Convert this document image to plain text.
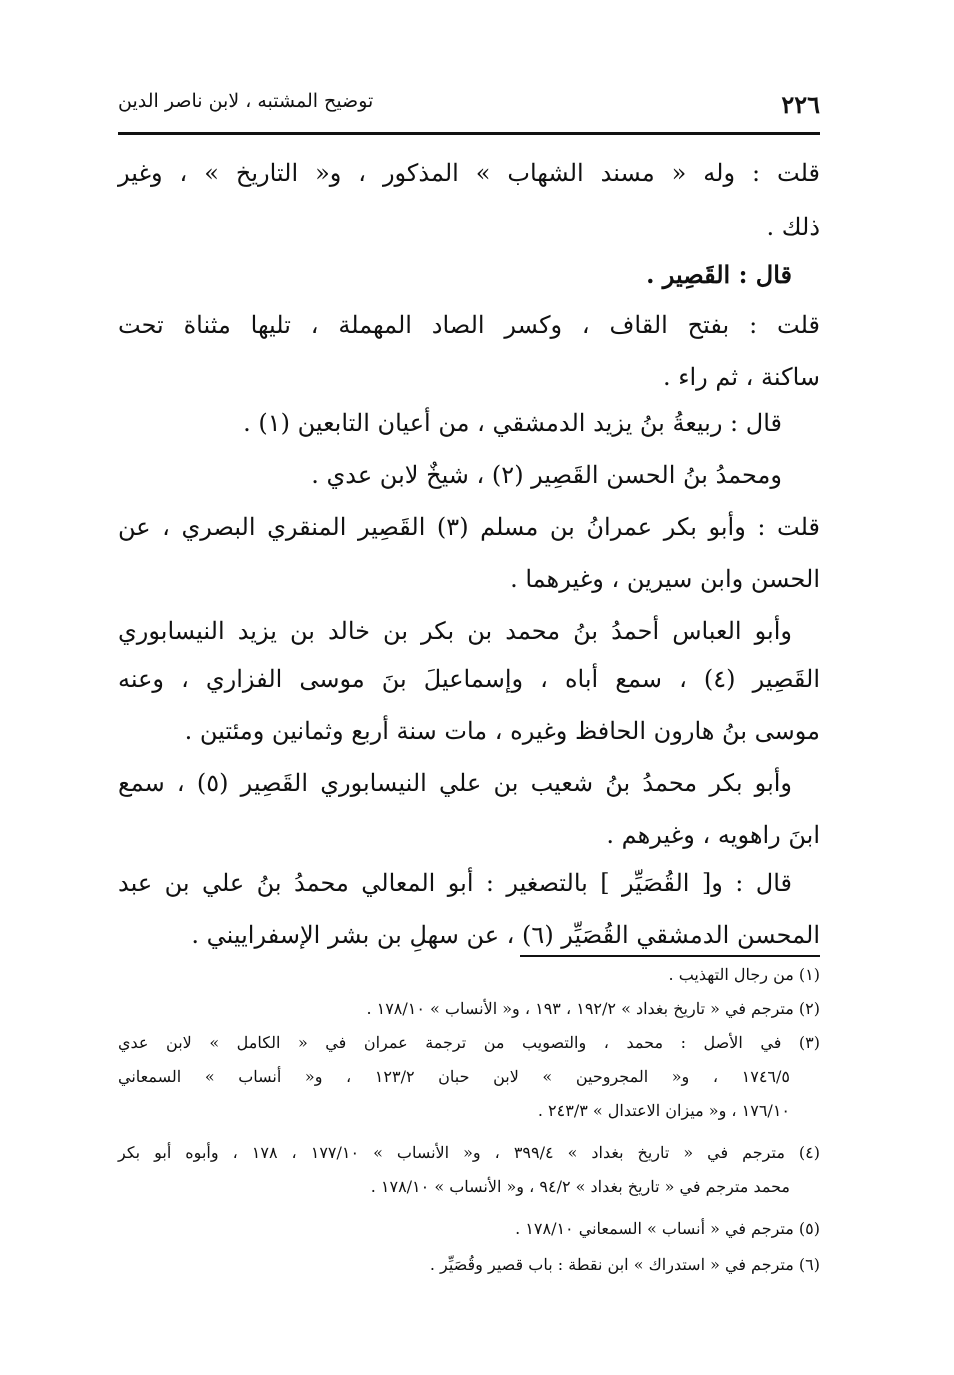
٢٢٦
توضيح المشتبه ، لابن ناصر الدين
قلت : وله « مسند الشهاب » المذكور ، و« التاريخ » ، وغير
ذلك .
قال : القَصِير .
قلت : بفتح القاف ، وكسر الصاد المهملة ، تليها مثناة تحت
ساكنة ، ثم راء .
قال : ربيعةُ بنُ يزيد الدمشقي ، من أعيان التابعين (١) .
ومحمدُ بنُ الحسن القَصِير (٢) ، شيخٌ لابن عدي .
قلت : وأبو بكر عمرانُ بن مسلم (٣) القَصِير المنقري البصري ، عن
الحسن وابن سيرين ، وغيرهما .
وأبو العباس أحمدُ بنُ محمد بن بكر بن خالد بن يزيد النيسابوري
القَصِير (٤) ، سمع أباه ، وإسماعيلَ بنَ موسى الفزاري ، وعنه
موسى بنُ هارون الحافظ وغيره ، مات سنة أربع وثمانين ومئتين .
وأبو بكر محمدُ بنُ شعيب بن علي النيسابوري القَصِير (٥) ، سمع
ابنَ راهويه ، وغيرهم .
قال : و[ القُصَيِّر ] بالتصغير : أبو المعالي محمدُ بنُ علي بن عبد
المحسن الدمشقي القُصَيِّر (٦) ، عن سهلِ بن بشر الإسفراييني .
(١) من رجال التهذيب .
(٢) مترجم في « تاريخ بغداد » ١٩٢/٢ ، ١٩٣ ، و« الأنساب » ١٧٨/١٠ .
(٣) في الأصل : محمد ، والتصويب من ترجمة عمران في « الكامل » لابن عدي
١٧٤٦/٥ ، و« المجروحين » لابن حبان ١٢٣/٢ ، و« أنساب » السمعاني
١٧٦/١٠ ، و« ميزان الاعتدال » ٢٤٣/٣ .
(٤) مترجم في « تاريخ بغداد » ٣٩٩/٤ ، و« الأنساب » ١٧٧/١٠ ، ١٧٨ ، وأبوه أبو بكر
محمد مترجم في « تاريخ بغداد » ٩٤/٢ ، و« الأنساب » ١٧٨/١٠ .
(٥) مترجم في « أنساب » السمعاني ١٧٨/١٠ .
(٦) مترجم في « استدراك » ابن نقطة : باب قصير وقُصَيِّر .
